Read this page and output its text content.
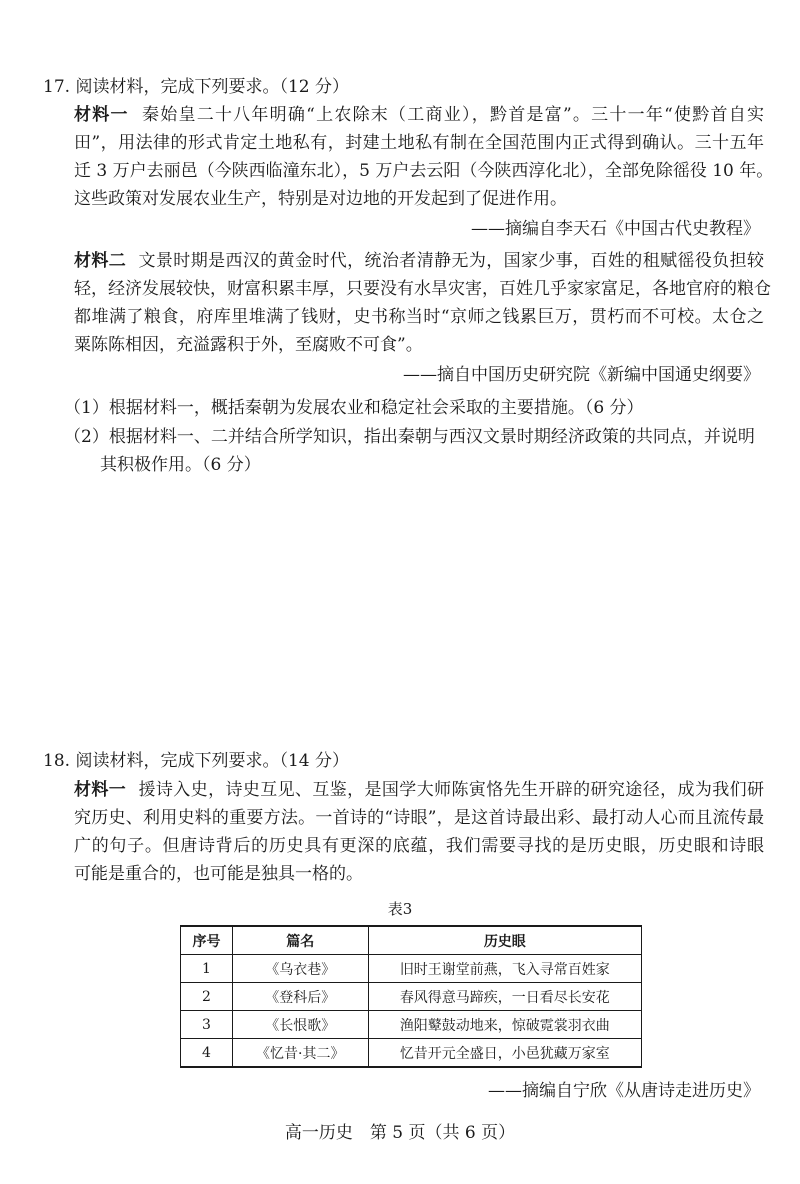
17. 阅读材料，完成下列要求。（12 分）
材料一 秦始皇二十八年明确“上农除末（工商业），黔首是富”。三十一年“使黔首自实
田”，用法律的形式肯定土地私有，封建土地私有制在全国范围内正式得到确认。三十五年
迁 3 万户去丽邑（今陕西临潼东北），5 万户去云阳（今陕西淳化北），全部免除徭役 10 年。
这些政策对发展农业生产，特别是对边地的开发起到了促进作用。
——摘编自李天石《中国古代史教程》
材料二 文景时期是西汉的黄金时代，统治者清静无为，国家少事，百姓的租赋徭役负担较
轻，经济发展较快，财富积累丰厚，只要没有水旱灾害，百姓几乎家家富足，各地官府的粮仓
都堆满了粮食，府库里堆满了钱财，史书称当时“京师之钱累巨万，贯朽而不可校。太仓之
粟陈陈相因，充溢露积于外，至腐败不可食”。
——摘自中国历史研究院《新编中国通史纲要》
（1）根据材料一，概括秦朝为发展农业和稳定社会采取的主要措施。（6 分）
（2）根据材料一、二并结合所学知识，指出秦朝与西汉文景时期经济政策的共同点，并说明
其积极作用。（6 分）
18. 阅读材料，完成下列要求。（14 分）
材料一 援诗入史，诗史互见、互鉴，是国学大师陈寅恪先生开辟的研究途径，成为我们研
究历史、利用史料的重要方法。一首诗的“诗眼”，是这首诗最出彩、最打动人心而且流传最
广的句子。但唐诗背后的历史具有更深的底蕴，我们需要寻找的是历史眼，历史眼和诗眼
可能是重合的，也可能是独具一格的。
表3
序号	篇名	历史眼
1	《乌衣巷》	旧时王谢堂前燕，飞入寻常百姓家
2	《登科后》	春风得意马蹄疾，一日看尽长安花
3	《长恨歌》	渔阳鼙鼓动地来，惊破霓裳羽衣曲
4	《忆昔·其二》	忆昔开元全盛日，小邑犹藏万家室
——摘编自宁欣《从唐诗走进历史》
高一历史　第 5 页（共 6 页）
